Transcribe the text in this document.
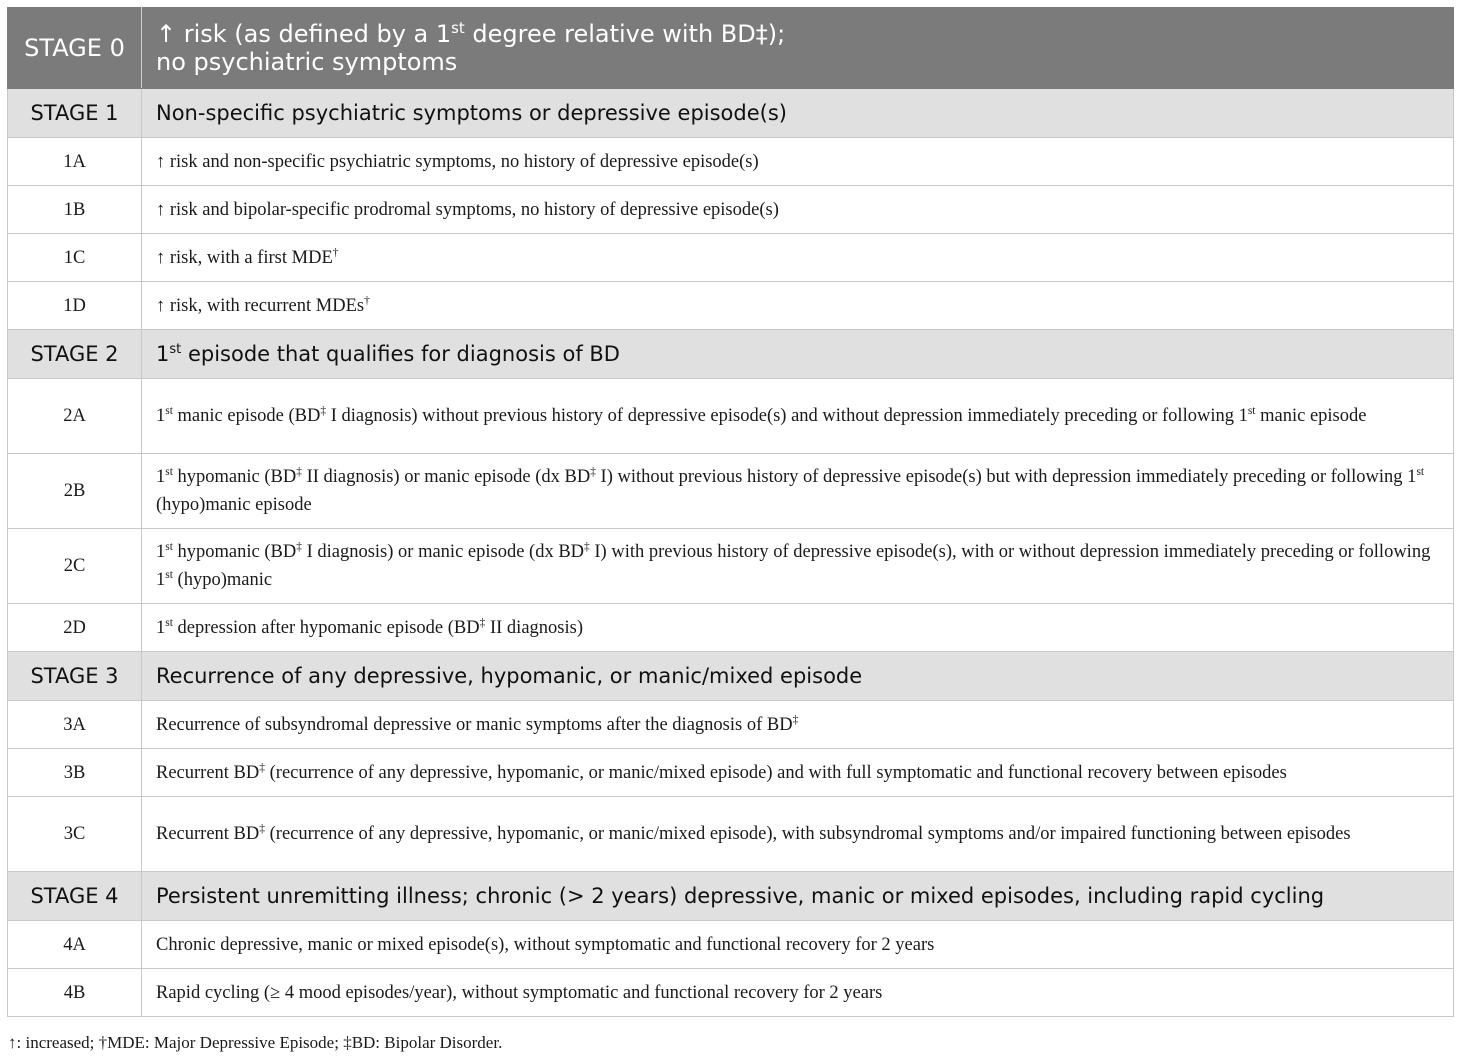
STAGE 0	↑ risk (as defined by a 1st degree relative with BD‡);
no psychiatric symptoms
STAGE 1	Non-specific psychiatric symptoms or depressive episode(s)
1A	↑ risk and non-specific psychiatric symptoms, no history of depressive episode(s)
1B	↑ risk and bipolar-specific prodromal symptoms, no history of depressive episode(s)
1C	↑ risk, with a first MDE†
1D	↑ risk, with recurrent MDEs†
STAGE 2	1st episode that qualifies for diagnosis of BD
2A	1st manic episode (BD‡ I diagnosis) without previous history of depressive episode(s) and without depression immediately preceding or following 1st manic episode
2B	1st hypomanic (BD‡ II diagnosis) or manic episode (dx BD‡ I) without previous history of depressive episode(s) but with depression immediately preceding or following 1st (hypo)manic episode
2C	1st hypomanic (BD‡ I diagnosis) or manic episode (dx BD‡ I) with previous history of depressive episode(s), with or without depression immediately preceding or following 1st (hypo)manic
2D	1st depression after hypomanic episode (BD‡ II diagnosis)
STAGE 3	Recurrence of any depressive, hypomanic, or manic/mixed episode
3A	Recurrence of subsyndromal depressive or manic symptoms after the diagnosis of BD‡
3B	Recurrent BD‡ (recurrence of any depressive, hypomanic, or manic/mixed episode) and with full symptomatic and functional recovery between episodes
3C	Recurrent BD‡ (recurrence of any depressive, hypomanic, or manic/mixed episode), with subsyndromal symptoms and/or impaired functioning between episodes
STAGE 4	Persistent unremitting illness; chronic (> 2 years) depressive, manic or mixed episodes, including rapid cycling
4A	Chronic depressive, manic or mixed episode(s), without symptomatic and functional recovery for 2 years
4B	Rapid cycling (≥ 4 mood episodes/year), without symptomatic and functional recovery for 2 years
↑: increased; †MDE: Major Depressive Episode; ‡BD: Bipolar Disorder.
